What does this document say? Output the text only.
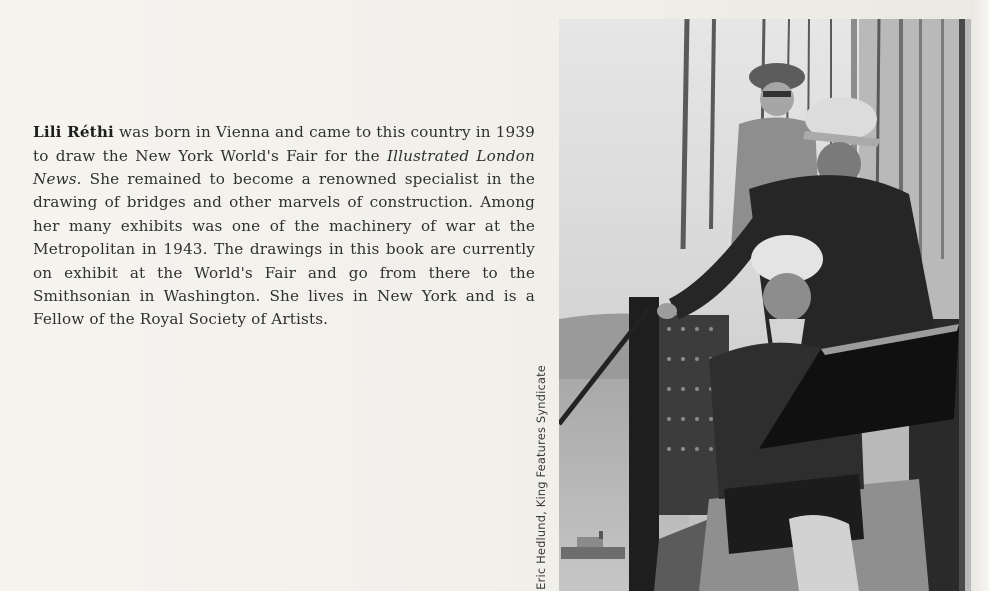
Lili Réthi was born in Vienna and came to this country in 1939 to draw the New York World's Fair for the Illustrated London News. She remained to become a renowned specialist in the drawing of bridges and other marvels of construction. Among her many exhibits was one of the machinery of war at the Metropolitan in 1943. The drawings in this book are currently on exhibit at the World's Fair and go from there to the Smithsonian in Washington. She lives in New York and is a Fellow of the Royal Society of Artists.

Eric Hedlund, King Features Syndicate
